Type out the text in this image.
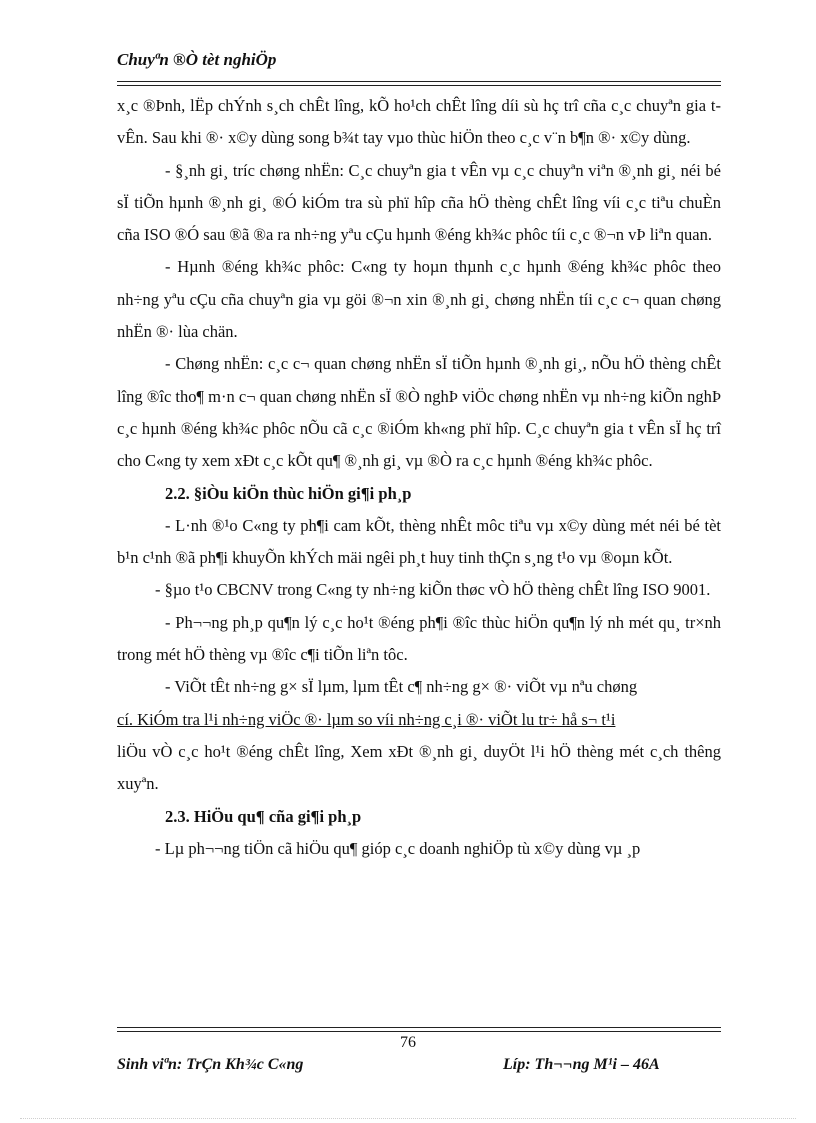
Chuyªn ®Ò tèt nghiÖp

x¸c ®Þnh, lËp chÝnh s¸ch chÊt lîng, kÕ ho¹ch chÊt lîng díi sù hç trî cña c¸c chuyªn gia t vÊn. Sau khi ®· x©y dùng song b¾t tay vµo thùc hiÖn theo c¸c v¨n b¶n ®· x©y dùng.

- §¸nh gi¸ tríc chøng nhËn: C¸c chuyªn gia t vÊn vµ c¸c chuyªn viªn ®¸nh gi¸ néi bé sÏ tiÕn hµnh ®¸nh gi¸ ®Ó kiÓm tra sù phï hîp cña hÖ thèng chÊt lîng víi c¸c tiªu chuÈn cña ISO ®Ó sau ®ã ®a ra nh÷ng yªu cÇu hµnh ®éng kh¾c phôc tíi c¸c ®¬n vÞ liªn quan.

- Hµnh ®éng kh¾c phôc: C«ng ty hoµn thµnh c¸c hµnh ®éng kh¾c phôc theo nh÷ng yªu cÇu cña chuyªn gia vµ göi ®¬n xin ®¸nh gi¸ chøng nhËn tíi c¸c c¬ quan chøng nhËn ®· lùa chän.

- Chøng nhËn: c¸c c¬ quan chøng nhËn sÏ tiÕn hµnh ®¸nh gi¸, nÕu hÖ thèng chÊt lîng ®îc tho¶ m·n c¬ quan chøng nhËn sÏ ®Ò nghÞ viÖc chøng nhËn vµ nh÷ng kiÕn nghÞ c¸c hµnh ®éng kh¾c phôc nÕu cã c¸c ®iÓm kh«ng phï hîp. C¸c chuyªn gia t vÊn sÏ hç trî cho C«ng ty xem xÐt c¸c kÕt qu¶ ®¸nh gi¸ vµ ®Ò ra c¸c hµnh ®éng kh¾c phôc.

2.2. §iÒu kiÖn thùc hiÖn gi¶i ph¸p

- L·nh ®¹o C«ng ty ph¶i cam kÕt, thèng nhÊt môc tiªu vµ x©y dùng mét néi bé tèt b¹n c¹nh ®ã ph¶i khuyÕn khÝch mäi ngêi ph¸t huy tinh thÇn s¸ng t¹o vµ ®oµn kÕt.

- §µo t¹o CBCNV trong C«ng ty nh÷ng kiÕn thøc vÒ hÖ thèng chÊt lîng ISO 9001.

- Ph¬¬ng ph¸p qu¶n lý c¸c ho¹t ®éng ph¶i ®îc thùc hiÖn qu¶n lý nh mét qu¸ tr×nh trong mét hÖ thèng vµ ®îc c¶i tiÕn liªn tôc.

- ViÕt tÊt nh÷ng g× sÏ lµm, lµm tÊt c¶ nh÷ng g× ®· viÕt vµ nªu chøng

cí. KiÓm tra l¹i nh÷ng viÖc ®· lµm so víi nh÷ng c¸i ®· viÕt lu tr÷ hå s¬ t¹i

liÖu vÒ c¸c ho¹t ®éng chÊt lîng, Xem xÐt ®¸nh gi¸ duyÖt l¹i hÖ thèng mét c¸ch thêng xuyªn.

2.3. HiÖu qu¶ cña gi¶i ph¸p

- Lµ ph¬¬ng tiÖn cã hiÖu qu¶ gióp c¸c doanh nghiÖp tù x©y dùng vµ ¸p

76
Sinh viªn: TrÇn Kh¾c C«ng	Líp: Th¬¬ng M¹i – 46A
